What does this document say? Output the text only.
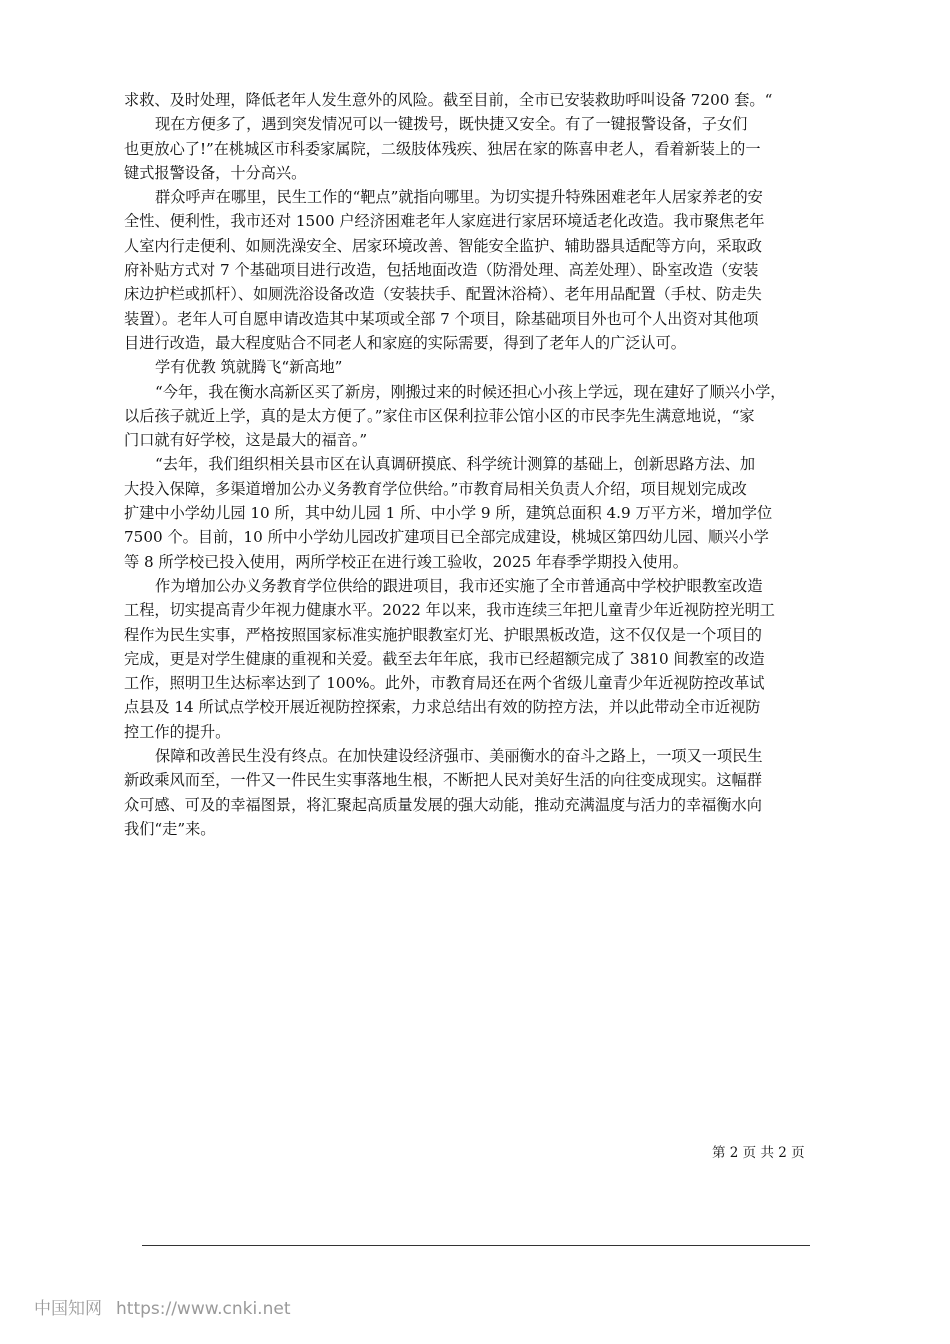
求救、及时处理，降低老年人发生意外的风险。截至目前，全市已安装救助呼叫设备 7200 套。“
现在方便多了，遇到突发情况可以一键拨号，既快捷又安全。有了一键报警设备，子女们
也更放心了!”在桃城区市科委家属院，二级肢体残疾、独居在家的陈喜申老人，看着新装上的一
键式报警设备，十分高兴。
群众呼声在哪里，民生工作的“靶点”就指向哪里。为切实提升特殊困难老年人居家养老的安
全性、便利性，我市还对 1500 户经济困难老年人家庭进行家居环境适老化改造。我市聚焦老年
人室内行走便利、如厕洗澡安全、居家环境改善、智能安全监护、辅助器具适配等方向，采取政
府补贴方式对 7 个基础项目进行改造，包括地面改造（防滑处理、高差处理）、卧室改造（安装
床边护栏或抓杆）、如厕洗浴设备改造（安装扶手、配置沐浴椅）、老年用品配置（手杖、防走失
装置）。老年人可自愿申请改造其中某项或全部 7 个项目，除基础项目外也可个人出资对其他项
目进行改造，最大程度贴合不同老人和家庭的实际需要，得到了老年人的广泛认可。
学有优教 筑就腾飞“新高地”
“今年，我在衡水高新区买了新房，刚搬过来的时候还担心小孩上学远，现在建好了顺兴小学，
以后孩子就近上学，真的是太方便了。”家住市区保利拉菲公馆小区的市民李先生满意地说，“家
门口就有好学校，这是最大的福音。”
“去年，我们组织相关县市区在认真调研摸底、科学统计测算的基础上，创新思路方法、加
大投入保障，多渠道增加公办义务教育学位供给。”市教育局相关负责人介绍，项目规划完成改
扩建中小学幼儿园 10 所，其中幼儿园 1 所、中小学 9 所，建筑总面积 4.9 万平方米，增加学位
7500 个。目前，10 所中小学幼儿园改扩建项目已全部完成建设，桃城区第四幼儿园、顺兴小学
等 8 所学校已投入使用，两所学校正在进行竣工验收，2025 年春季学期投入使用。
作为增加公办义务教育学位供给的跟进项目，我市还实施了全市普通高中学校护眼教室改造
工程，切实提高青少年视力健康水平。2022 年以来，我市连续三年把儿童青少年近视防控光明工
程作为民生实事，严格按照国家标准实施护眼教室灯光、护眼黑板改造，这不仅仅是一个项目的
完成，更是对学生健康的重视和关爱。截至去年年底，我市已经超额完成了 3810 间教室的改造
工作，照明卫生达标率达到了 100%。此外，市教育局还在两个省级儿童青少年近视防控改革试
点县及 14 所试点学校开展近视防控探索，力求总结出有效的防控方法，并以此带动全市近视防
控工作的提升。
保障和改善民生没有终点。在加快建设经济强市、美丽衡水的奋斗之路上，一项又一项民生
新政乘风而至，一件又一件民生实事落地生根，不断把人民对美好生活的向往变成现实。这幅群
众可感、可及的幸福图景，将汇聚起高质量发展的强大动能，推动充满温度与活力的幸福衡水向
我们“走”来。
第 2 页 共 2 页
中国知网 https://www.cnki.net
